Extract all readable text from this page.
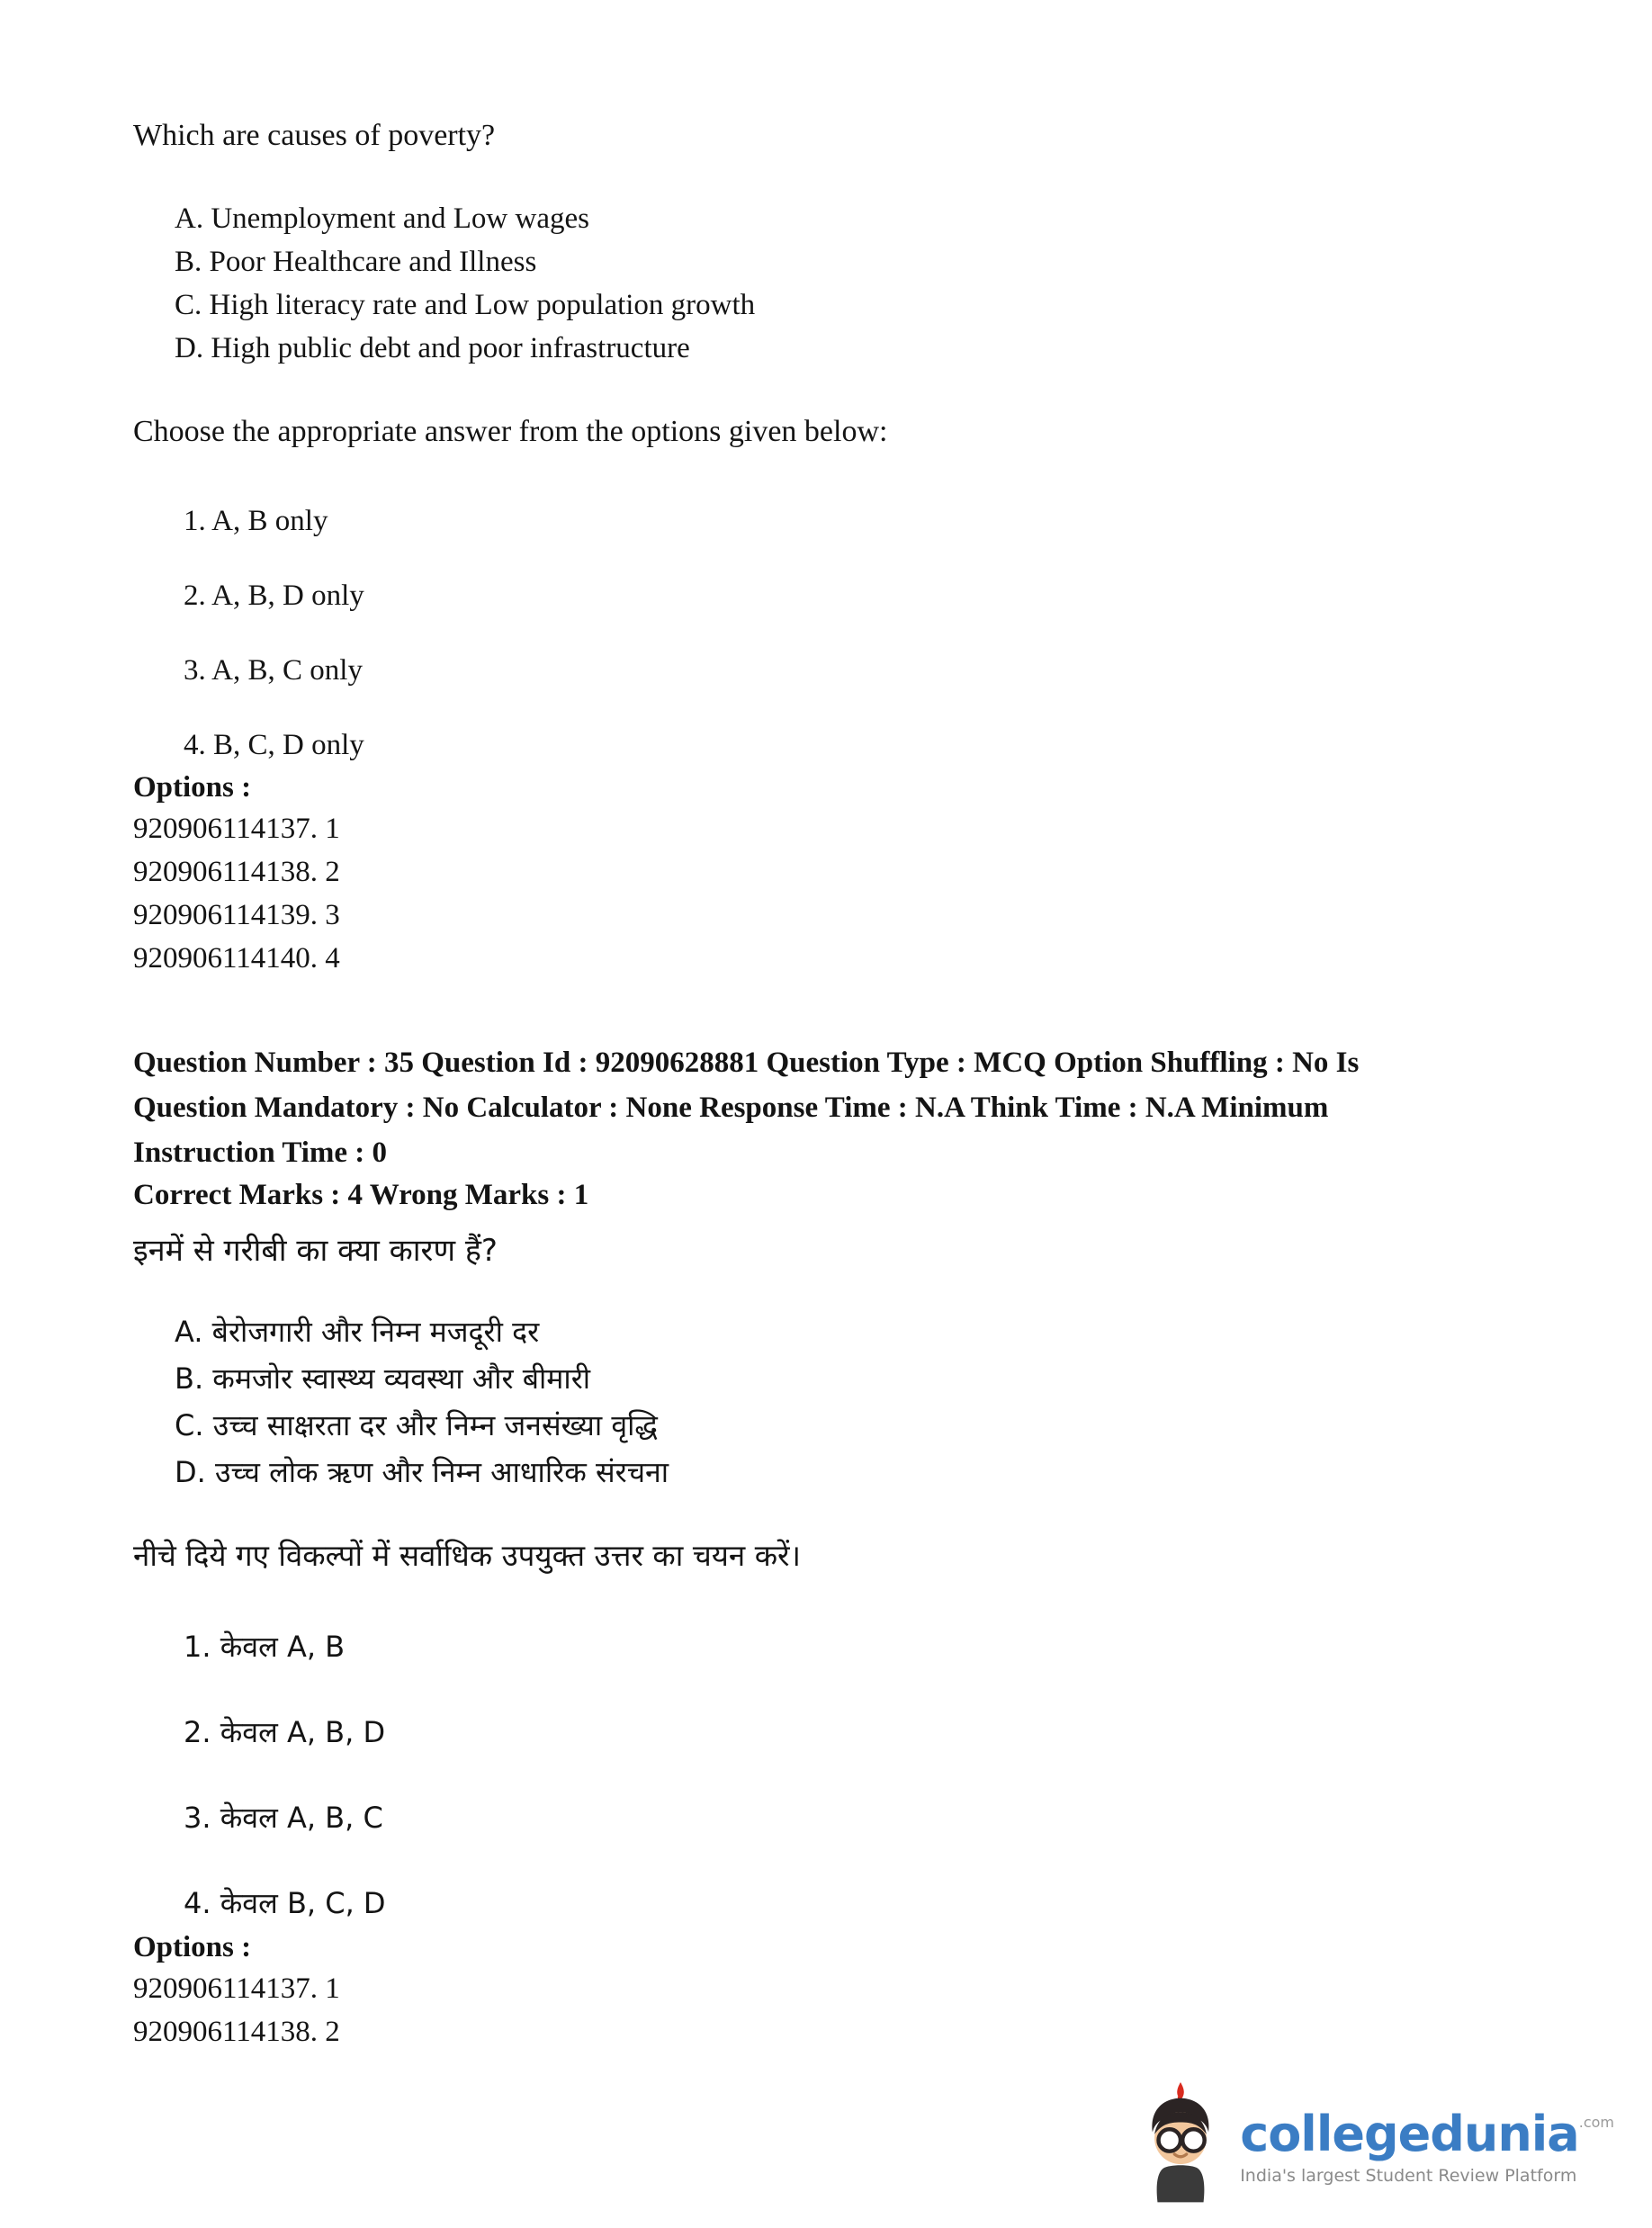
Which are causes of poverty?

A. Unemployment and Low wages

B. Poor Healthcare and Illness

C. High literacy rate and Low population growth

D. High public debt and poor infrastructure

Choose the appropriate answer from the options given below:

1. A, B only

2. A, B, D only

3. A, B, C only

4. B, C, D only

Options :

920906114137. 1

920906114138. 2

920906114139. 3

920906114140. 4

Question Number : 35 Question Id : 92090628881 Question Type : MCQ Option Shuffling : No Is
Question Mandatory : No Calculator : None Response Time : N.A Think Time : N.A Minimum
Instruction Time : 0

Correct Marks : 4 Wrong Marks : 1

इनमें से गरीबी का क्या कारण हैं?

A. बेरोजगारी और निम्न मजदूरी दर

B. कमजोर स्वास्थ्य व्यवस्था और बीमारी

C. उच्च साक्षरता दर और निम्न जनसंख्या वृद्धि

D. उच्च लोक ऋण और निम्न आधारिक संरचना

नीचे दिये गए विकल्पों में सर्वाधिक उपयुक्त उत्तर का चयन करें।

1. केवल A, B

2. केवल A, B, D

3. केवल A, B, C

4. केवल B, C, D

Options :

920906114137. 1

920906114138. 2

collegedunia .com
India's largest Student Review Platform
